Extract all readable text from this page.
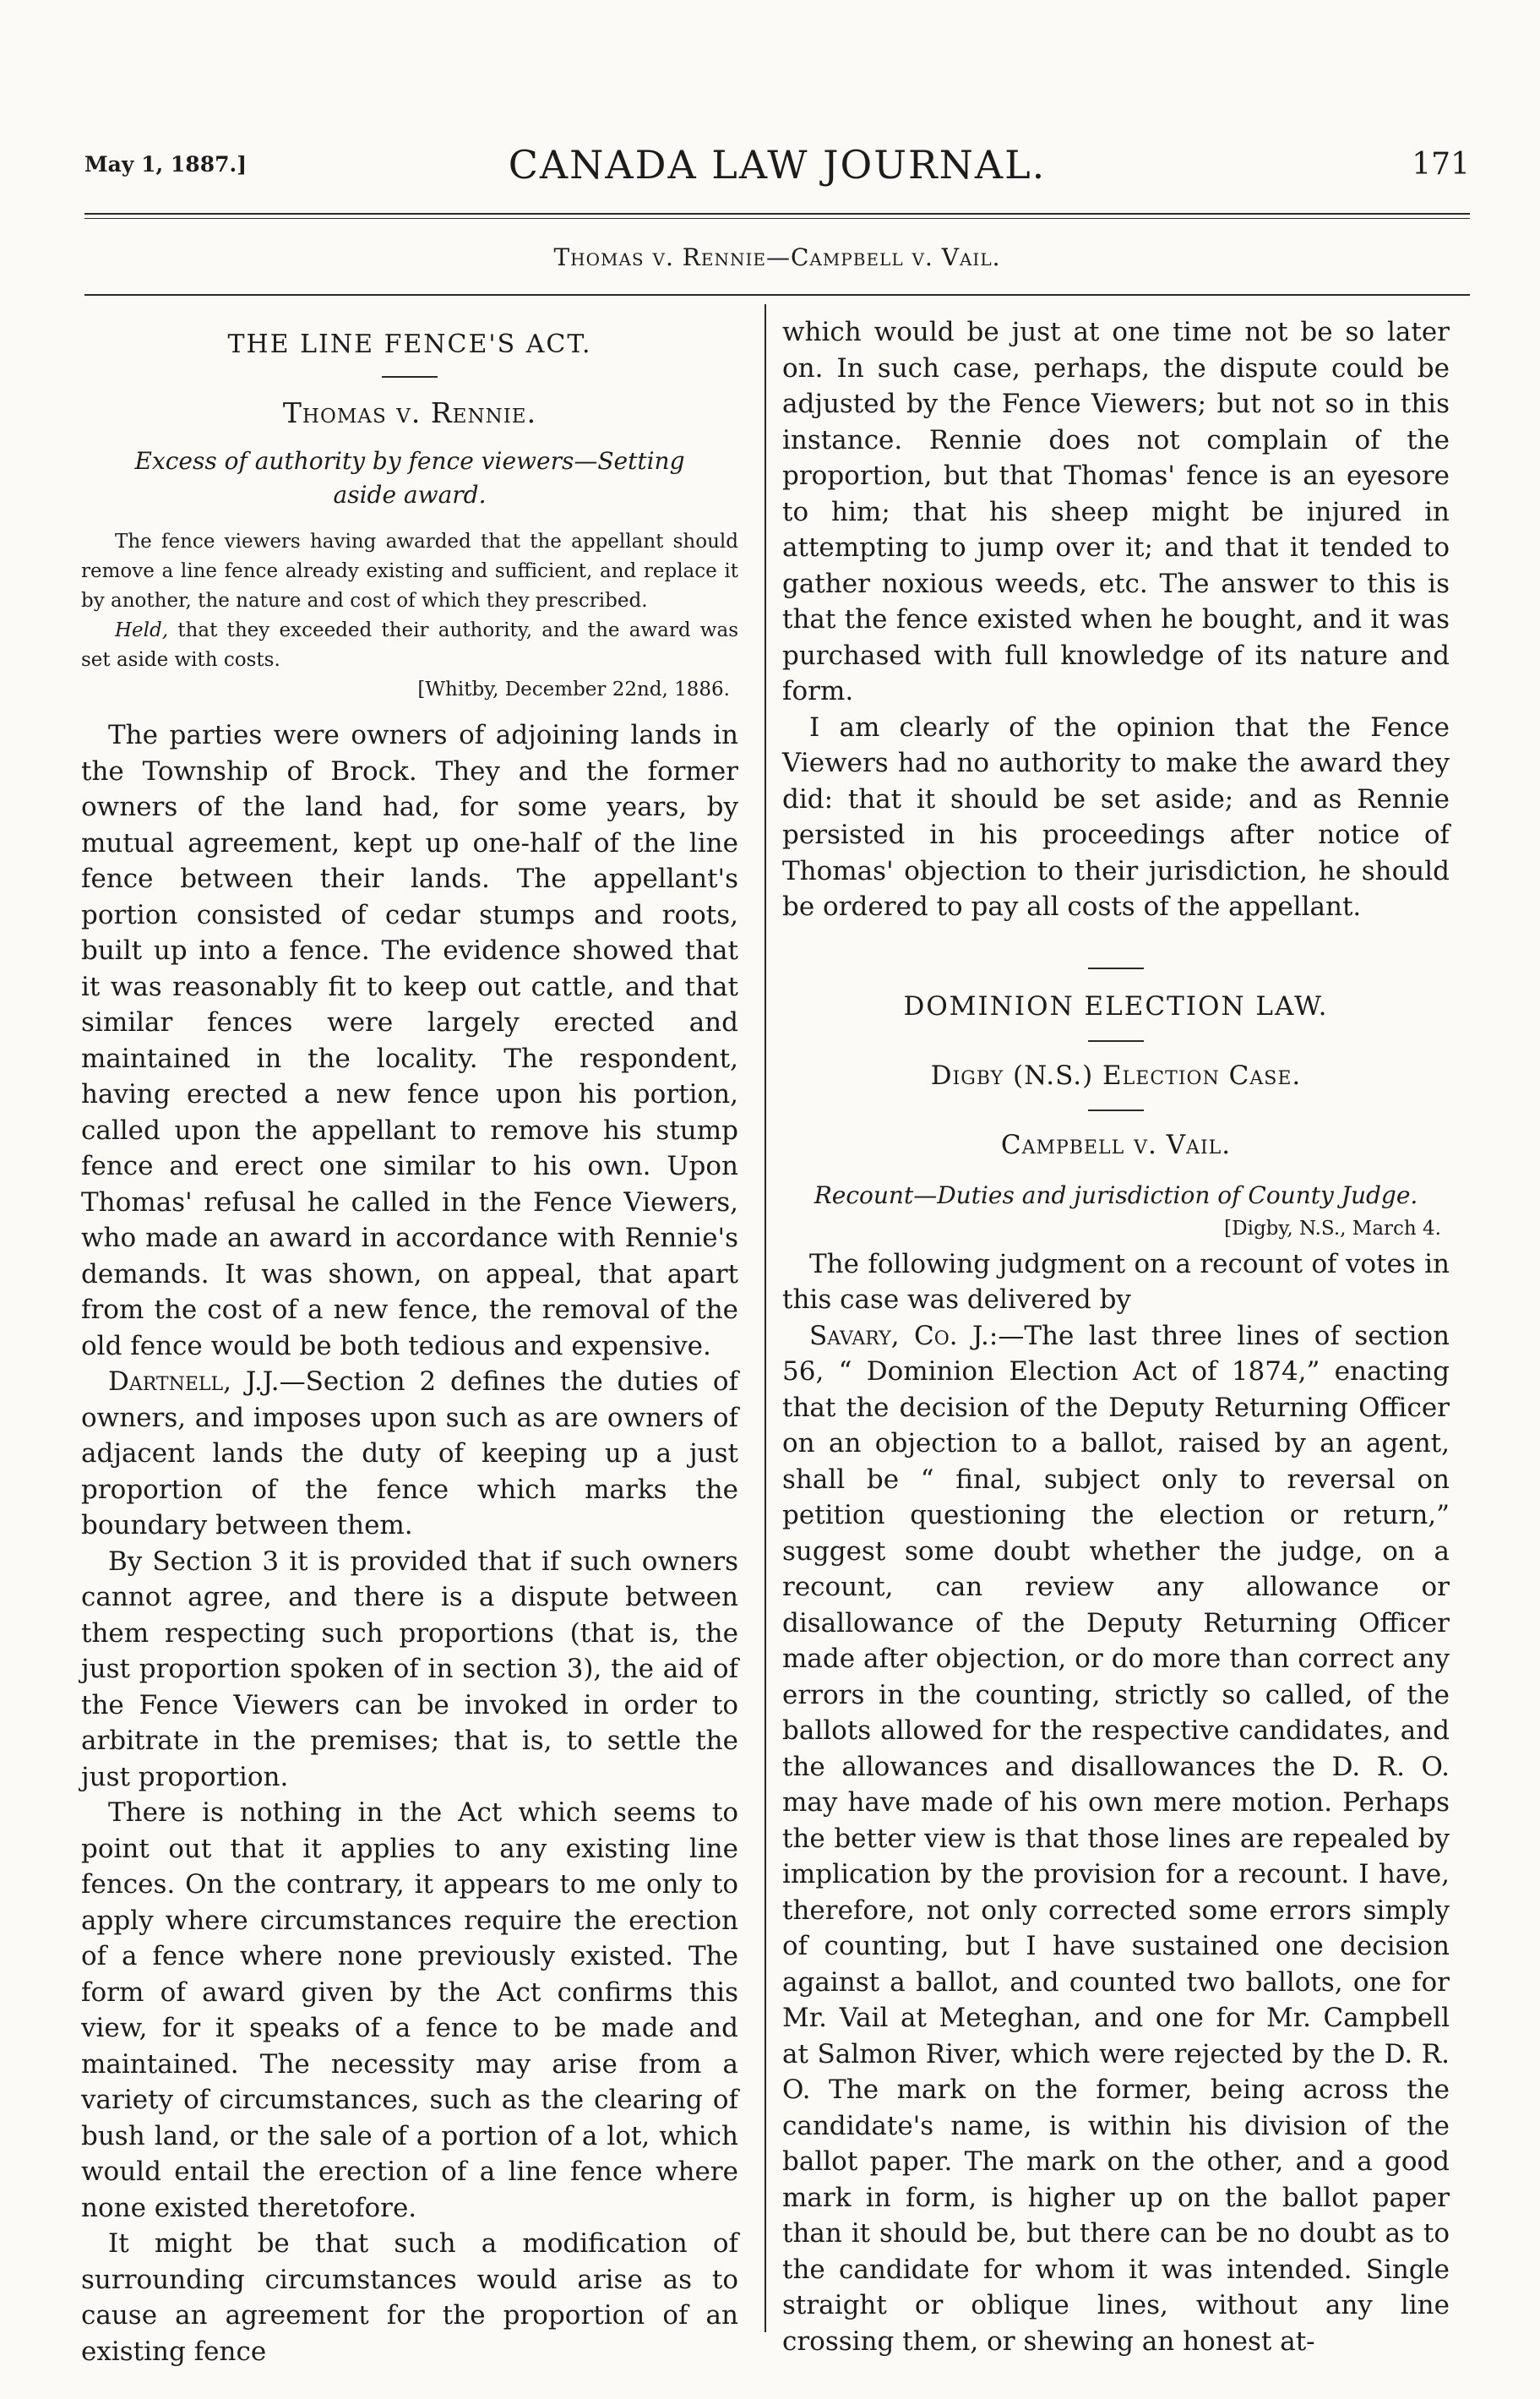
May 1, 1887.]	CANADA LAW JOURNAL.	171
Thomas v. Rennie—Campbell v. Vail.
THE LINE FENCE'S ACT.
Thomas v. Rennie.
Excess of authority by fence viewers—Setting aside award.

The fence viewers having awarded that the appellant should remove a line fence already existing and sufficient, and replace it by another, the nature and cost of which they prescribed.

Held, that they exceeded their authority, and the award was set aside with costs.

[Whitby, December 22nd, 1886.

The parties were owners of adjoining lands in the Township of Brock. They and the former owners of the land had, for some years, by mutual agreement, kept up one-half of the line fence between their lands. The appellant's portion consisted of cedar stumps and roots, built up into a fence. The evidence showed that it was reasonably fit to keep out cattle, and that similar fences were largely erected and maintained in the locality. The respondent, having erected a new fence upon his portion, called upon the appellant to remove his stump fence and erect one similar to his own. Upon Thomas' refusal he called in the Fence Viewers, who made an award in accordance with Rennie's demands. It was shown, on appeal, that apart from the cost of a new fence, the removal of the old fence would be both tedious and expensive.

Dartnell, J.J.—Section 2 defines the duties of owners, and imposes upon such as are owners of adjacent lands the duty of keeping up a just proportion of the fence which marks the boundary between them.

By Section 3 it is provided that if such owners cannot agree, and there is a dispute between them respecting such proportions (that is, the just proportion spoken of in section 3), the aid of the Fence Viewers can be invoked in order to arbitrate in the premises; that is, to settle the just proportion.

There is nothing in the Act which seems to point out that it applies to any existing line fences. On the contrary, it appears to me only to apply where circumstances require the erection of a fence where none previously existed. The form of award given by the Act confirms this view, for it speaks of a fence to be made and maintained. The necessity may arise from a variety of circumstances, such as the clearing of bush land, or the sale of a portion of a lot, which would entail the erection of a line fence where none existed theretofore.

It might be that such a modification of surrounding circumstances would arise as to cause an agreement for the proportion of an existing fence

which would be just at one time not be so later on. In such case, perhaps, the dispute could be adjusted by the Fence Viewers; but not so in this instance. Rennie does not complain of the proportion, but that Thomas' fence is an eyesore to him; that his sheep might be injured in attempting to jump over it; and that it tended to gather noxious weeds, etc. The answer to this is that the fence existed when he bought, and it was purchased with full knowledge of its nature and form.

I am clearly of the opinion that the Fence Viewers had no authority to make the award they did: that it should be set aside; and as Rennie persisted in his proceedings after notice of Thomas' objection to their jurisdiction, he should be ordered to pay all costs of the appellant.

DOMINION ELECTION LAW.
Digby (N.S.) Election Case.
Campbell v. Vail.
Recount—Duties and jurisdiction of County Judge.
[Digby, N.S., March 4.

The following judgment on a recount of votes in this case was delivered by

Savary, Co. J.:—The last three lines of section 56, “ Dominion Election Act of 1874,” enacting that the decision of the Deputy Returning Officer on an objection to a ballot, raised by an agent, shall be “ final, subject only to reversal on petition questioning the election or return,” suggest some doubt whether the judge, on a recount, can review any allowance or disallowance of the Deputy Returning Officer made after objection, or do more than correct any errors in the counting, strictly so called, of the ballots allowed for the respective candidates, and the allowances and disallowances the D. R. O. may have made of his own mere motion. Perhaps the better view is that those lines are repealed by implication by the provision for a recount. I have, therefore, not only corrected some errors simply of counting, but I have sustained one decision against a ballot, and counted two ballots, one for Mr. Vail at Meteghan, and one for Mr. Campbell at Salmon River, which were rejected by the D. R. O. The mark on the former, being across the candidate's name, is within his division of the ballot paper. The mark on the other, and a good mark in form, is higher up on the ballot paper than it should be, but there can be no doubt as to the candidate for whom it was intended. Single straight or oblique lines, without any line crossing them, or shewing an honest at-
